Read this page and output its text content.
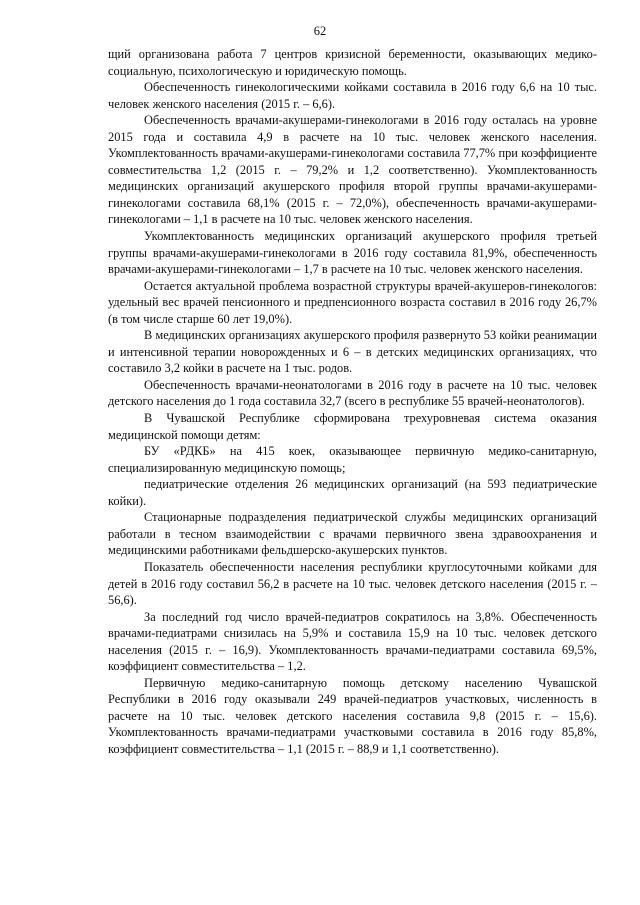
62

щий организована работа 7 центров кризисной беременности, оказывающих медико-социальную, психологическую и юридическую помощь.

Обеспеченность гинекологическими койками составила в 2016 году 6,6 на 10 тыс. человек женского населения (2015 г. – 6,6).

Обеспеченность врачами-акушерами-гинекологами в 2016 году осталась на уровне 2015 года и составила 4,9 в расчете на 10 тыс. человек женского населения. Укомплектованность врачами-акушерами-гинекологами составила 77,7% при коэффициенте совместительства 1,2 (2015 г. – 79,2% и 1,2 соответственно). Укомплектованность медицинских организаций акушерского профиля второй группы врачами-акушерами-гинекологами составила 68,1% (2015 г. – 72,0%), обеспеченность врачами-акушерами-гинекологами – 1,1 в расчете на 10 тыс. человек женского населения.

Укомплектованность медицинских организаций акушерского профиля третьей группы врачами-акушерами-гинекологами в 2016 году составила 81,9%, обеспеченность врачами-акушерами-гинекологами – 1,7 в расчете на 10 тыс. человек женского населения.

Остается актуальной проблема возрастной структуры врачей-акушеров-гинекологов: удельный вес врачей пенсионного и предпенсионного возраста составил в 2016 году 26,7% (в том числе старше 60 лет 19,0%).

В медицинских организациях акушерского профиля развернуто 53 койки реанимации и интенсивной терапии новорожденных и 6 – в детских медицинских организациях, что составило 3,2 койки в расчете на 1 тыс. родов.

Обеспеченность врачами-неонатологами в 2016 году в расчете на 10 тыс. человек детского населения до 1 года составила 32,7 (всего в республике 55 врачей-неонатологов).

В Чувашской Республике сформирована трехуровневая система оказания медицинской помощи детям:

БУ «РДКБ» на 415 коек, оказывающее первичную медико-санитарную, специализированную медицинскую помощь;

педиатрические отделения 26 медицинских организаций (на 593 педиатрические койки).

Стационарные подразделения педиатрической службы медицинских организаций работали в тесном взаимодействии с врачами первичного звена здравоохранения и медицинскими работниками фельдшерско-акушерских пунктов.

Показатель обеспеченности населения республики круглосуточными койками для детей в 2016 году составил 56,2 в расчете на 10 тыс. человек детского населения (2015 г. – 56,6).

За последний год число врачей-педиатров сократилось на 3,8%. Обеспеченность врачами-педиатрами снизилась на 5,9% и составила 15,9 на 10 тыс. человек детского населения (2015 г. – 16,9). Укомплектованность врачами-педиатрами составила 69,5%, коэффициент совместительства – 1,2.

Первичную медико-санитарную помощь детскому населению Чувашской Республики в 2016 году оказывали 249 врачей-педиатров участковых, численность в расчете на 10 тыс. человек детского населения составила 9,8 (2015 г. – 15,6). Укомплектованность врачами-педиатрами участковыми составила в 2016 году 85,8%, коэффициент совместительства – 1,1 (2015 г. – 88,9 и 1,1 соответственно).
